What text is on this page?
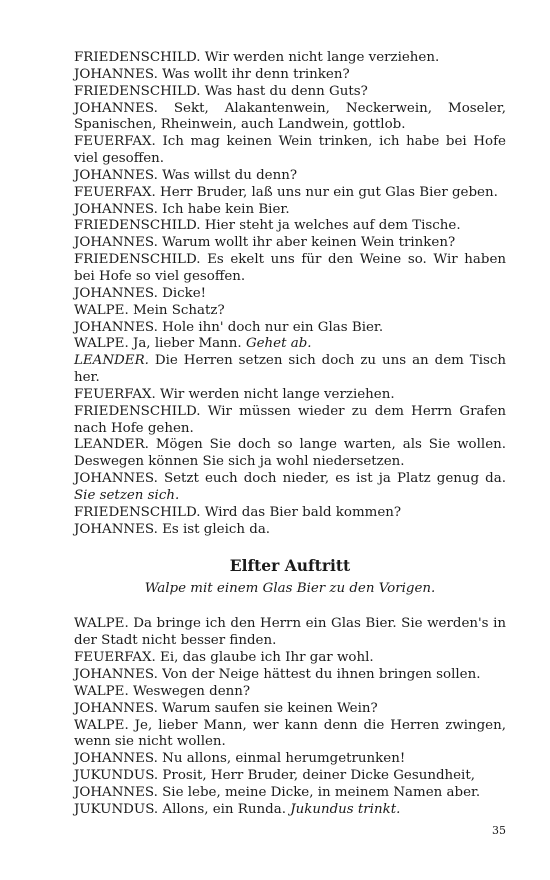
FRIEDENSCHILD. Wir werden nicht lange verziehen.

JOHANNES. Was wollt ihr denn trinken?

FRIEDENSCHILD. Was hast du denn Guts?

JOHANNES. Sekt, Alakantenwein, Neckerwein, Moseler, Spanischen, Rheinwein, auch Landwein, gottlob.

FEUERFAX. Ich mag keinen Wein trinken, ich habe bei Hofe viel gesoffen.

JOHANNES. Was willst du denn?

FEUERFAX. Herr Bruder, laß uns nur ein gut Glas Bier geben.

JOHANNES. Ich habe kein Bier.

FRIEDENSCHILD. Hier steht ja welches auf dem Tische.

JOHANNES. Warum wollt ihr aber keinen Wein trinken?

FRIEDENSCHILD. Es ekelt uns für den Weine so. Wir haben bei Hofe so viel gesoffen.

JOHANNES. Dicke!

WALPE. Mein Schatz?

JOHANNES. Hole ihn' doch nur ein Glas Bier.

WALPE. Ja, lieber Mann. Gehet ab.

LEANDER. Die Herren setzen sich doch zu uns an dem Tisch her.

FEUERFAX. Wir werden nicht lange verziehen.

FRIEDENSCHILD. Wir müssen wieder zu dem Herrn Grafen nach Hofe gehen.

LEANDER. Mögen Sie doch so lange warten, als Sie wollen. Deswegen können Sie sich ja wohl niedersetzen.

JOHANNES. Setzt euch doch nieder, es ist ja Platz genug da. Sie setzen sich.

FRIEDENSCHILD. Wird das Bier bald kommen?

JOHANNES. Es ist gleich da.

Elfter Auftritt

Walpe mit einem Glas Bier zu den Vorigen.

WALPE. Da bringe ich den Herrn ein Glas Bier. Sie werden's in der Stadt nicht besser finden.

FEUERFAX. Ei, das glaube ich Ihr gar wohl.

JOHANNES. Von der Neige hättest du ihnen bringen sollen.

WALPE. Weswegen denn?

JOHANNES. Warum saufen sie keinen Wein?

WALPE. Je, lieber Mann, wer kann denn die Herren zwingen, wenn sie nicht wollen.

JOHANNES. Nu allons, einmal herumgetrunken!

JUKUNDUS. Prosit, Herr Bruder, deiner Dicke Gesundheit,

JOHANNES. Sie lebe, meine Dicke, in meinem Namen aber.

JUKUNDUS. Allons, ein Runda. Jukundus trinkt.

35
